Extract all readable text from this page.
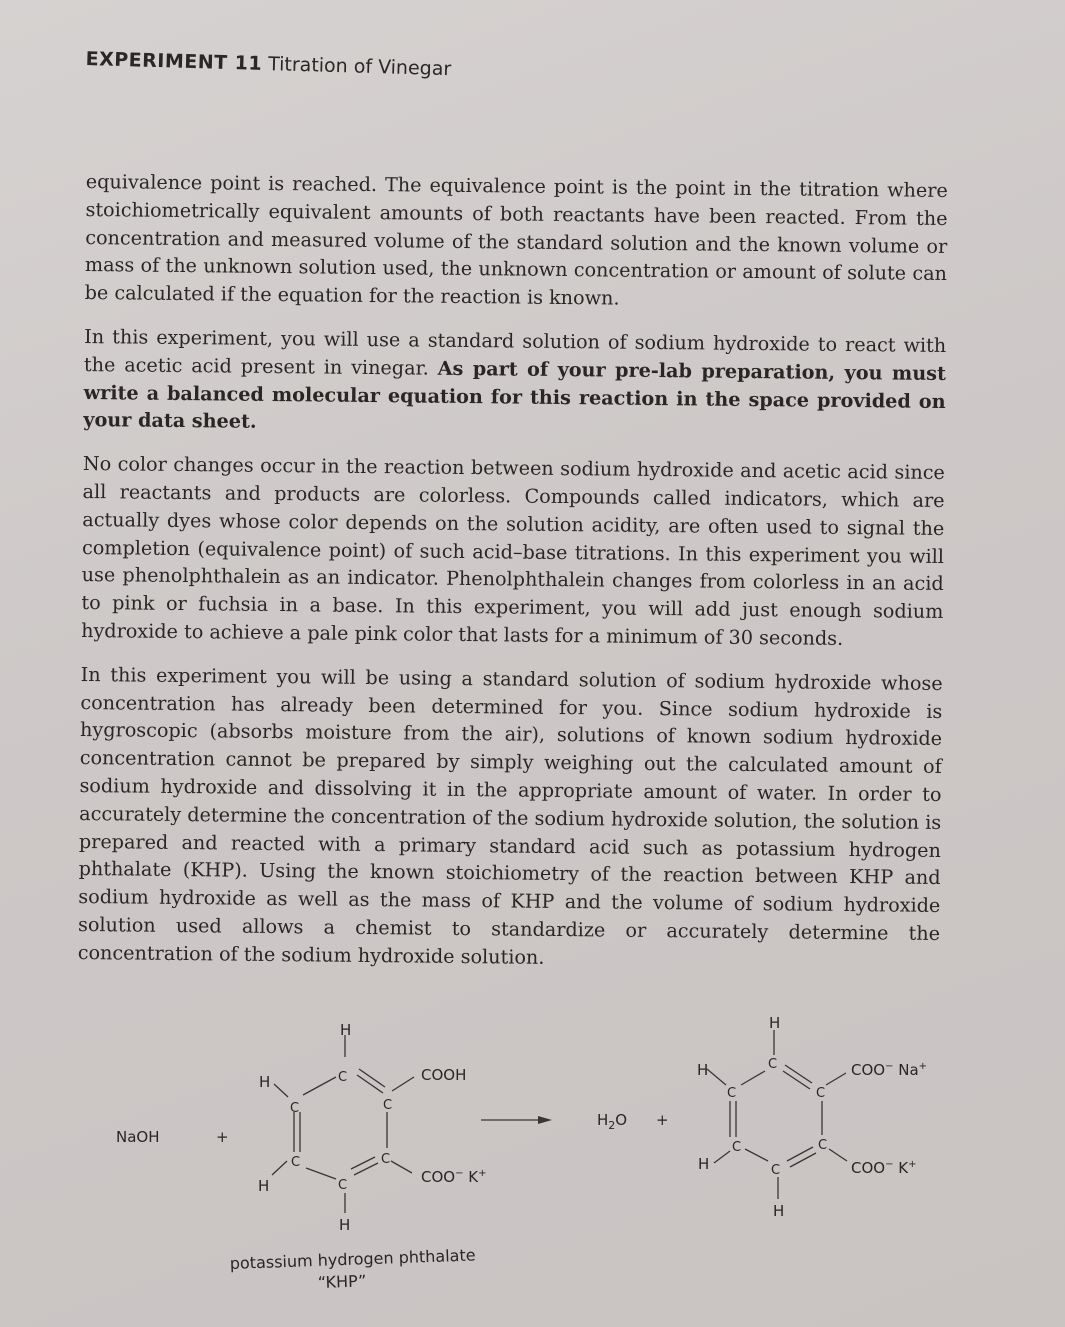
EXPERIMENT 11 Titration of Vinegar

equivalence point is reached. The equivalence point is the point in the titration where stoichiometrically equivalent amounts of both reactants have been reacted. From the concentration and measured volume of the standard solution and the known volume or mass of the unknown solution used, the unknown concentration or amount of solute can be calculated if the equation for the reaction is known.

In this experiment, you will use a standard solution of sodium hydroxide to react with the acetic acid present in vinegar. As part of your pre-lab preparation, you must write a balanced molecular equation for this reaction in the space provided on your data sheet.

No color changes occur in the reaction between sodium hydroxide and acetic acid since all reactants and products are colorless. Compounds called indicators, which are actually dyes whose color depends on the solution acidity, are often used to signal the completion (equivalence point) of such acid–base titrations. In this experiment you will use phenolphthalein as an indicator. Phenolphthalein changes from colorless in an acid to pink or fuchsia in a base. In this experiment, you will add just enough sodium hydroxide to achieve a pale pink color that lasts for a minimum of 30 seconds.

In this experiment you will be using a standard solution of sodium hydroxide whose concentration has already been determined for you. Since sodium hydroxide is hygroscopic (absorbs moisture from the air), solutions of known sodium hydroxide concentration cannot be prepared by simply weighing out the calculated amount of sodium hydroxide and dissolving it in the appropriate amount of water. In order to accurately determine the concentration of the sodium hydroxide solution, the solution is prepared and reacted with a primary standard acid such as potassium hydrogen phthalate (KHP). Using the known stoichiometry of the reaction between KHP and sodium hydroxide as well as the mass of KHP and the volume of sodium hydroxide solution used allows a chemist to standardize or accurately determine the concentration of the sodium hydroxide solution.

NaOH	+
H
C
H
C	C
COOH
C	C
H	C
H
COO− K+
$H_2O$ +
H
C
H
C	C
COO− Na+
C	C
H	C	COO− K+
H
potassium hydrogen phthalate
“KHP”
